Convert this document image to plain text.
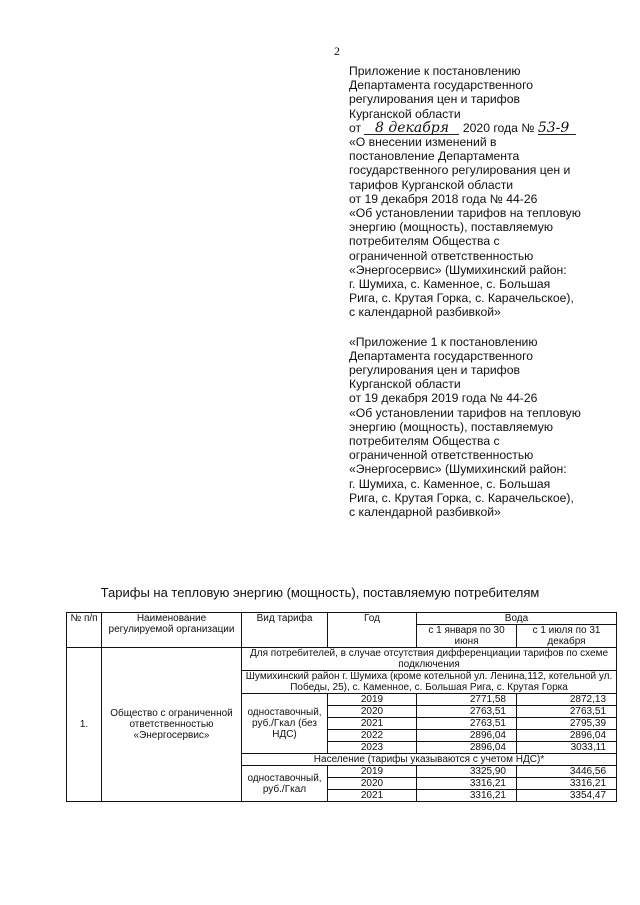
2
Приложение к постановлению
Департамента государственного
регулирования цен и тарифов
Курганской области
от 8 декабря 2020 года № 53-9
«О внесении изменений в
постановление Департамента
государственного регулирования цен и
тарифов Курганской области
от 19 декабря 2018 года № 44-26
«Об установлении тарифов на тепловую
энергию (мощность), поставляемую
потребителям Общества с
ограниченной ответственностью
«Энергосервис» (Шумихинский район:
г. Шумиха, с. Каменное, с. Большая
Рига, с. Крутая Горка, с. Карачельское),
с календарной разбивкой»
«Приложение 1 к постановлению
Департамента государственного
регулирования цен и тарифов
Курганской области
от 19 декабря 2019 года № 44-26
«Об установлении тарифов на тепловую
энергию (мощность), поставляемую
потребителям Общества с
ограниченной ответственностью
«Энергосервис» (Шумихинский район:
г. Шумиха, с. Каменное, с. Большая
Рига, с. Крутая Горка, с. Карачельское),
с календарной разбивкой»
Тарифы на тепловую энергию (мощность), поставляемую потребителям
№ п/п	Наименование регулируемой организации	Вид тарифа	Год	Вода	
				с 1 января по 30 июня	с 1 июля по 31 декабря
1.	Общество с ограниченной ответственностью «Энергосервис»	Для потребителей, в случае отсутствия дифференциации тарифов по схеме подключения			
		Шумихинский район г. Шумиха (кроме котельной ул. Ленина,112, котельной ул. Победы, 25), с. Каменное, с. Большая Рига, с. Крутая Горка			
		одноставочный, руб./Гкал (без НДС)	2019	2771,58	2872,13
			2020	2763,51	2763,51
			2021	2763,51	2795,39
			2022	2896,04	2896,04
			2023	2896,04	3033,11
		Население (тарифы указываются с учетом НДС)*			
		одноставочный, руб./Гкал	2019	3325,90	3446,56
			2020	3316,21	3316,21
			2021	3316,21	3354,47
